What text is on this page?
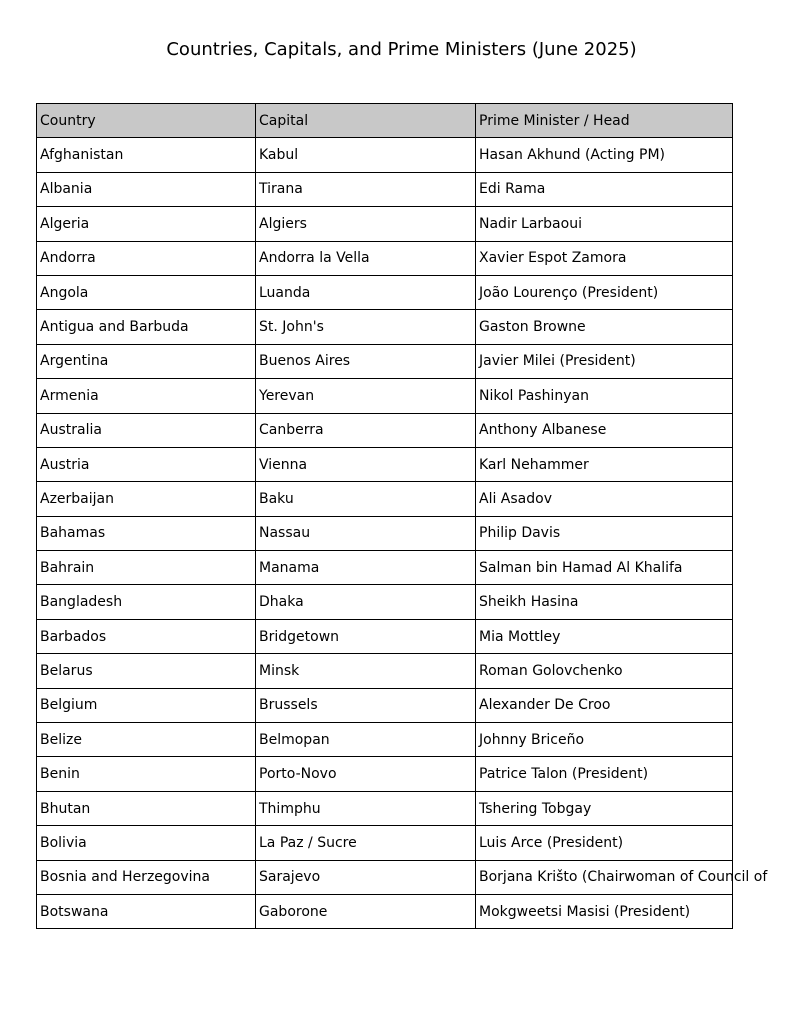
Countries, Capitals, and Prime Ministers (June 2025)
Country	Capital	Prime Minister / Head
Afghanistan	Kabul	Hasan Akhund (Acting PM)
Albania	Tirana	Edi Rama
Algeria	Algiers	Nadir Larbaoui
Andorra	Andorra la Vella	Xavier Espot Zamora
Angola	Luanda	João Lourenço (President)
Antigua and Barbuda	St. John's	Gaston Browne
Argentina	Buenos Aires	Javier Milei (President)
Armenia	Yerevan	Nikol Pashinyan
Australia	Canberra	Anthony Albanese
Austria	Vienna	Karl Nehammer
Azerbaijan	Baku	Ali Asadov
Bahamas	Nassau	Philip Davis
Bahrain	Manama	Salman bin Hamad Al Khalifa
Bangladesh	Dhaka	Sheikh Hasina
Barbados	Bridgetown	Mia Mottley
Belarus	Minsk	Roman Golovchenko
Belgium	Brussels	Alexander De Croo
Belize	Belmopan	Johnny Briceño
Benin	Porto-Novo	Patrice Talon (President)
Bhutan	Thimphu	Tshering Tobgay
Bolivia	La Paz / Sucre	Luis Arce (President)
Bosnia and Herzegovina	Sarajevo	Borjana Krišto (Chairwoman of Council of
Botswana	Gaborone	Mokgweetsi Masisi (President)
